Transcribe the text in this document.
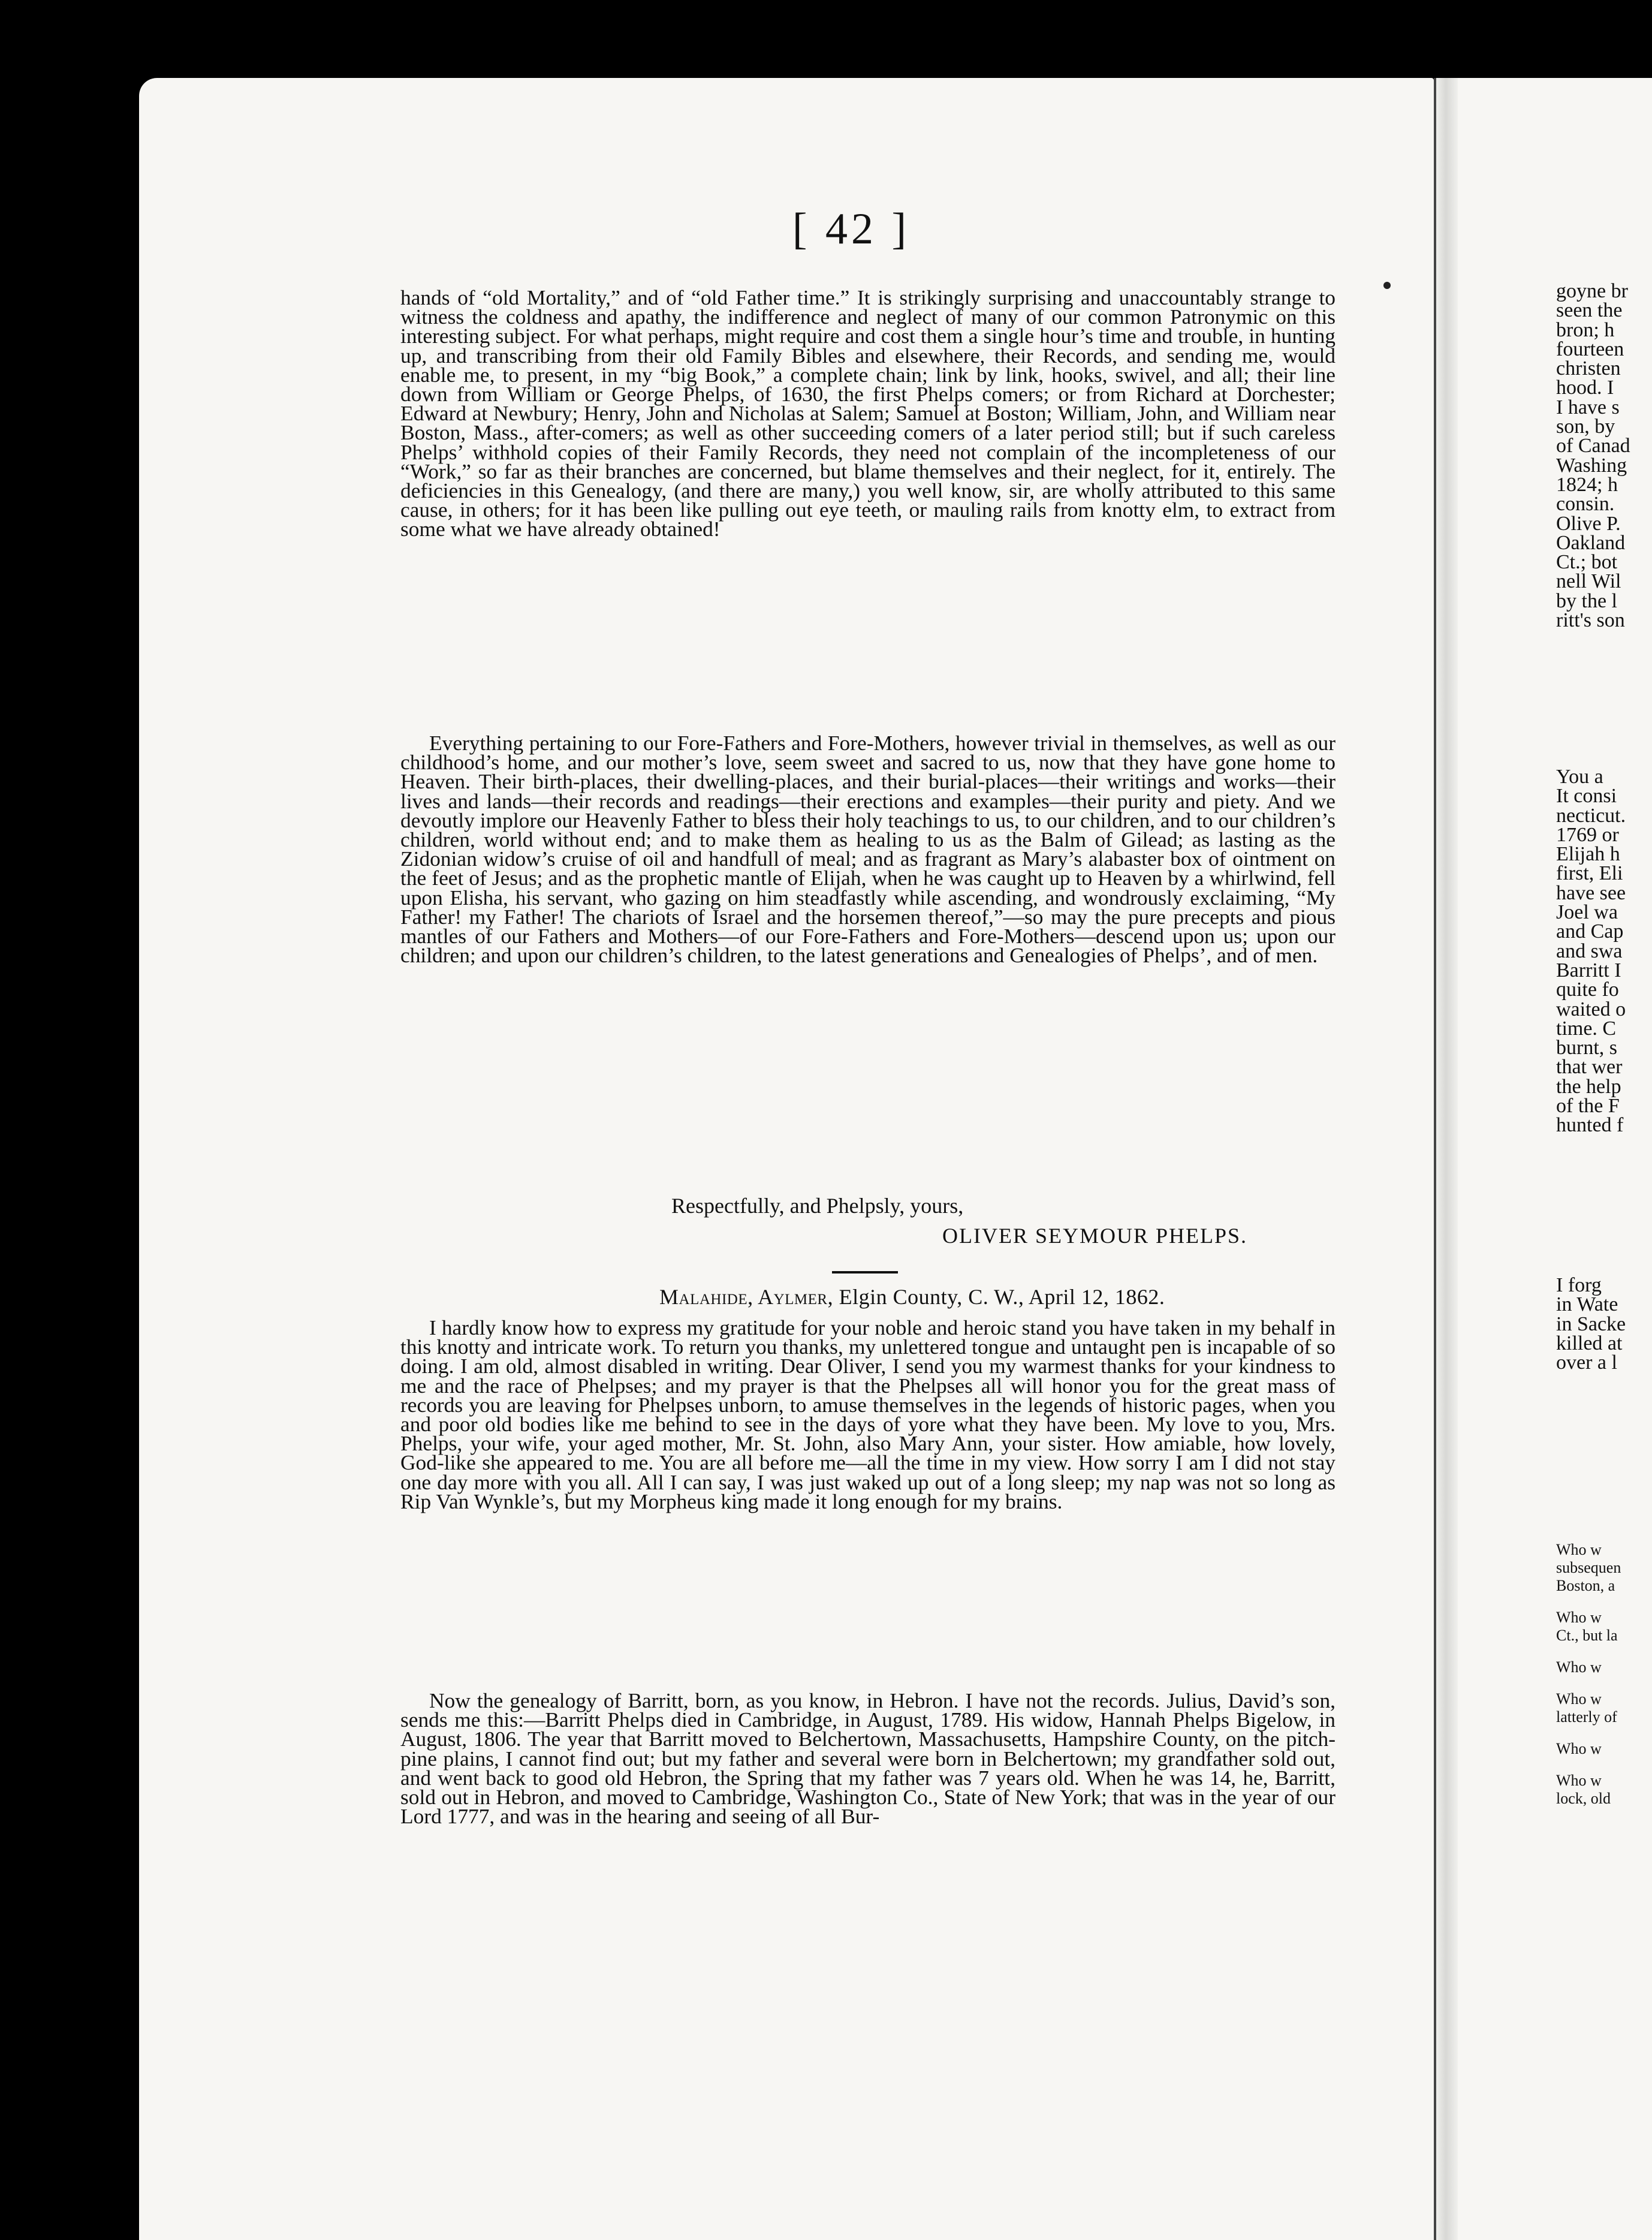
[ 42 ]

hands of “old Mortality,” and of “old Father time.” It is strikingly surprising and unaccountably strange to witness the coldness and apathy, the indifference and neglect of many of our common Patronymic on this interesting subject. For what perhaps, might require and cost them a single hour’s time and trouble, in hunting up, and transcribing from their old Family Bibles and elsewhere, their Records, and sending me, would enable me, to present, in my “big Book,” a complete chain; link by link, hooks, swivel, and all; their line down from William or George Phelps, of 1630, the first Phelps comers; or from Richard at Dorchester; Edward at Newbury; Henry, John and Nicholas at Salem; Samuel at Boston; William, John, and William near Boston, Mass., after-comers; as well as other succeeding comers of a later period still; but if such careless Phelps’ withhold copies of their Family Records, they need not complain of the incompleteness of our “Work,” so far as their branches are concerned, but blame themselves and their neglect, for it, entirely. The deficiencies in this Genealogy, (and there are many,) you well know, sir, are wholly attributed to this same cause, in others; for it has been like pulling out eye teeth, or mauling rails from knotty elm, to extract from some what we have already obtained!

Everything pertaining to our Fore-Fathers and Fore-Mothers, however trivial in themselves, as well as our childhood’s home, and our mother’s love, seem sweet and sacred to us, now that they have gone home to Heaven. Their birth-places, their dwelling-places, and their burial-places—their writings and works—their lives and lands—their records and readings—their erections and examples—their purity and piety. And we devoutly implore our Heavenly Father to bless their holy teachings to us, to our children, and to our children’s children, world without end; and to make them as healing to us as the Balm of Gilead; as lasting as the Zidonian widow’s cruise of oil and handfull of meal; and as fragrant as Mary’s alabaster box of ointment on the feet of Jesus; and as the prophetic mantle of Elijah, when he was caught up to Heaven by a whirlwind, fell upon Elisha, his servant, who gazing on him steadfastly while ascending, and wondrously exclaiming, “My Father! my Father! The chariots of Israel and the horsemen thereof,”—so may the pure precepts and pious mantles of our Fathers and Mothers—of our Fore-Fathers and Fore-Mothers—descend upon us; upon our children; and upon our children’s children, to the latest generations and Genealogies of Phelps’, and of men.

Respectfully, and Phelpsly, yours,
OLIVER SEYMOUR PHELPS.
Malahide, Aylmer, Elgin County, C. W., April 12, 1862.

I hardly know how to express my gratitude for your noble and heroic stand you have taken in my behalf in this knotty and intricate work. To return you thanks, my unlettered tongue and untaught pen is incapable of so doing. I am old, almost disabled in writing. Dear Oliver, I send you my warmest thanks for your kindness to me and the race of Phelpses; and my prayer is that the Phelpses all will honor you for the great mass of records you are leaving for Phelpses unborn, to amuse themselves in the legends of historic pages, when you and poor old bodies like me behind to see in the days of yore what they have been. My love to you, Mrs. Phelps, your wife, your aged mother, Mr. St. John, also Mary Ann, your sister. How amiable, how lovely, God-like she appeared to me. You are all before me—all the time in my view. How sorry I am I did not stay one day more with you all. All I can say, I was just waked up out of a long sleep; my nap was not so long as Rip Van Wynkle’s, but my Morpheus king made it long enough for my brains.

Now the genealogy of Barritt, born, as you know, in Hebron. I have not the records. Julius, David’s son, sends me this:—Barritt Phelps died in Cambridge, in August, 1789. His widow, Hannah Phelps Bigelow, in August, 1806. The year that Barritt moved to Belchertown, Massachusetts, Hampshire County, on the pitch-pine plains, I cannot find out; but my father and several were born in Belchertown; my grandfather sold out, and went back to good old Hebron, the Spring that my father was 7 years old. When he was 14, he, Barritt, sold out in Hebron, and moved to Cambridge, Washington Co., State of New York; that was in the year of our Lord 1777, and was in the hearing and seeing of all Bur-

goyne br
seen the
bron; h
fourteen
christen
hood. I
I have s
son, by
of Canad
Washing
1824; h
consin.
Olive P.
Oakland
Ct.; bot
nell Wil
by the l
ritt's son
You a
It consi
necticut.
1769 or
Elijah h
first, Eli
have see
Joel wa
and Cap
and swa
Barritt I
quite fo
waited o
time. C
burnt, s
that wer
the help
of the F
hunted f
I forg
in Wate
in Sacke
killed at
over a l
Who w
subsequen
Boston, a
Who w
Ct., but la
Who w
Who w
latterly of
Who w
Who w
lock, old
